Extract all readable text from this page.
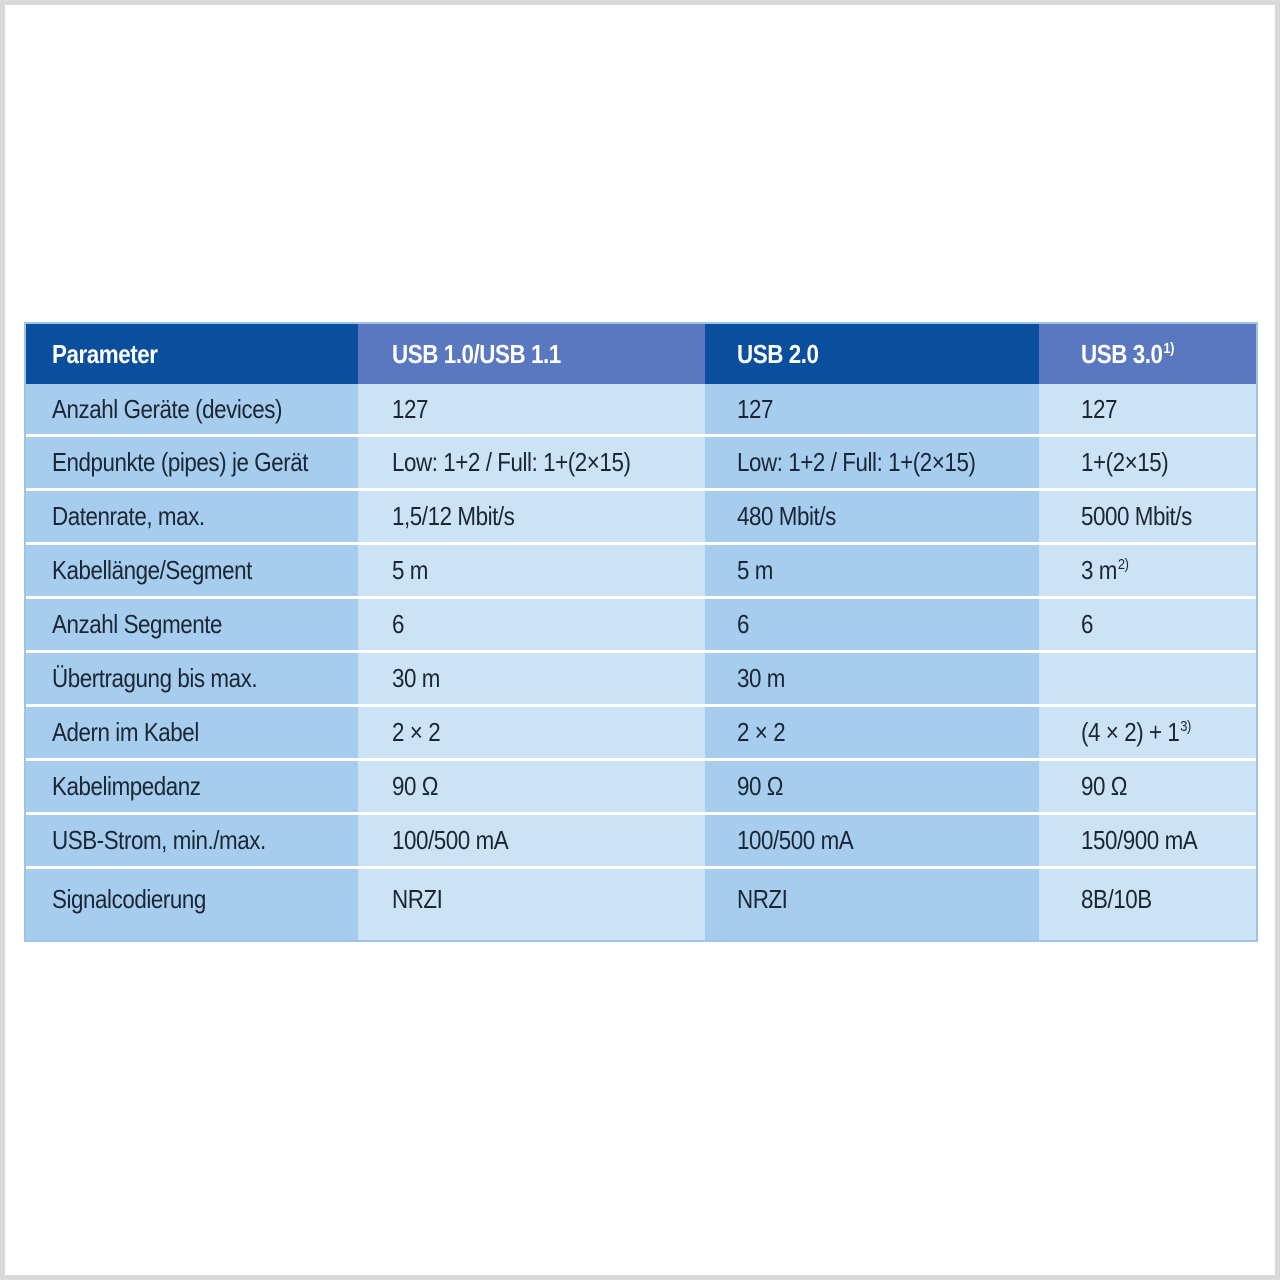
Parameter	USB 1.0/USB 1.1	USB 2.0	USB 3.0$^{1)}$
Anzahl Geräte (devices)	127	127	127
Endpunkte (pipes) je Gerät	Low: 1+2 / Full: 1+(2×15)	Low: 1+2 / Full: 1+(2×15)	1+(2×15)
Datenrate, max.	1,5/12 Mbit/s	480 Mbit/s	5000 Mbit/s
Kabellänge/Segment	5 m	5 m	3 $m^{2)}$
Anzahl Segmente	6	6	6
Übertragung bis max.	30 m	30 m	
Adern im Kabel	2 × 2	2 × 2	$(4 \times 2) + 1^{3)}$
Kabelimpedanz	90 Ω	90 Ω	90 Ω
USB-Strom, min./max.	100/500 mA	100/500 mA	150/900 mA
Signalcodierung	NRZI	NRZI	8B/10B
